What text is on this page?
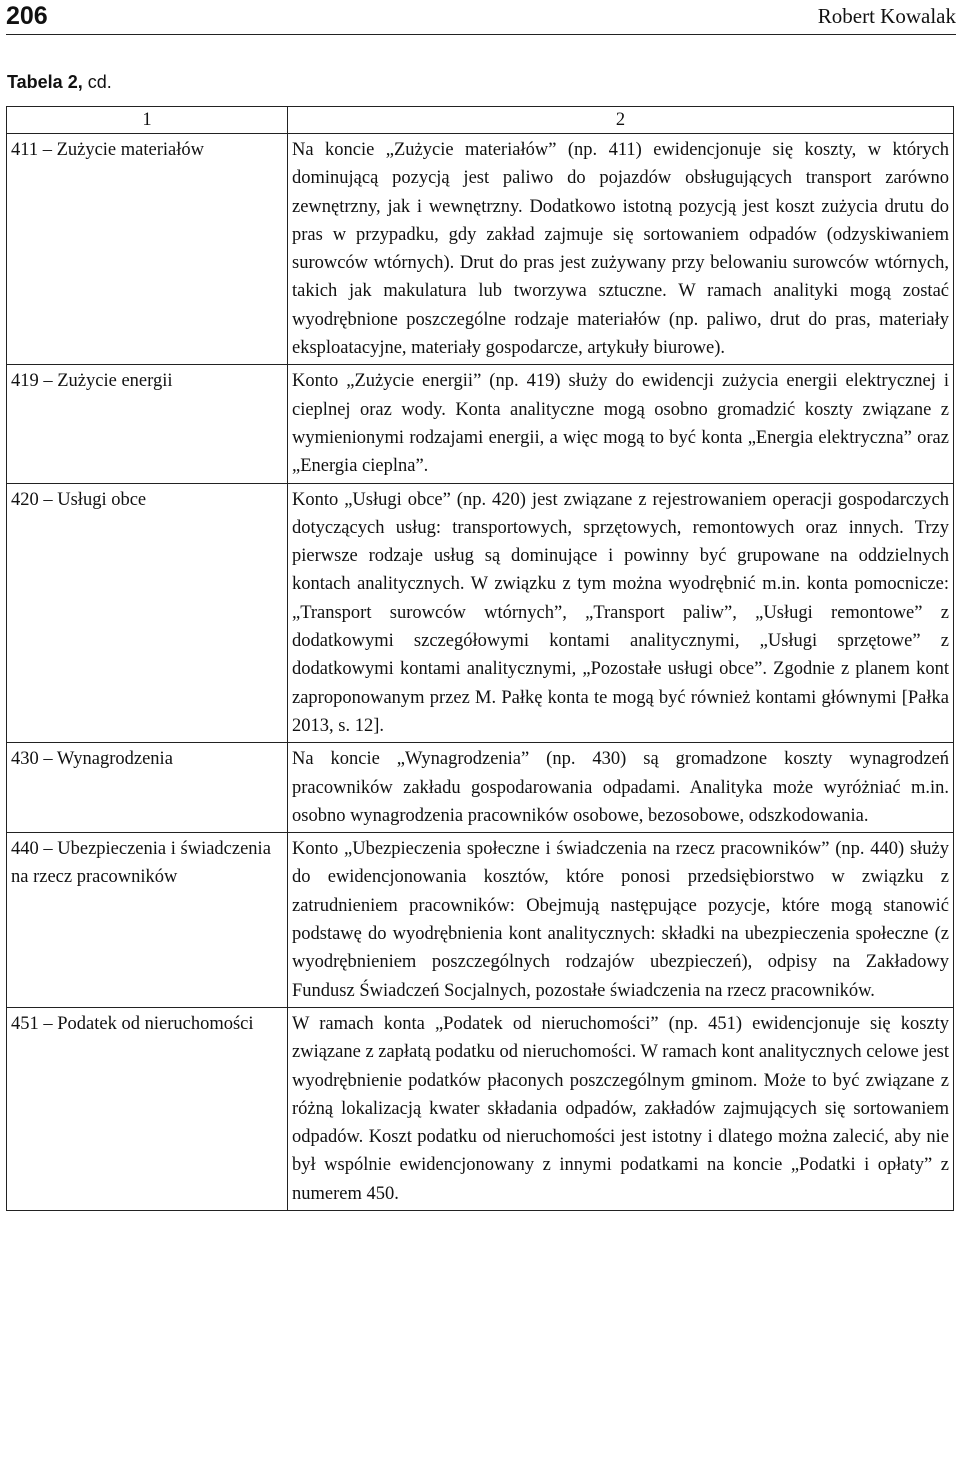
206	Robert Kowalak
Tabela 2, cd.
1	2
411 – Zużycie materiałów	Na koncie „Zużycie materiałów” (np. 411) ewidencjonuje się koszty, w których dominującą pozycją jest paliwo do pojazdów obsługujących transport zarówno zewnętrzny, jak i wewnętrzny. Dodatkowo istotną pozycją jest koszt zużycia drutu do pras w przypadku, gdy zakład zajmuje się sortowaniem odpadów (odzyskiwaniem surowców wtórnych). Drut do pras jest zużywany przy belowaniu surowców wtórnych, takich jak makulatura lub tworzywa sztuczne. W ramach analityki mogą zostać wyodrębnione poszczególne rodzaje materiałów (np. paliwo, drut do pras, materiały eksploatacyjne, materiały gospodarcze, artykuły biurowe).
419 – Zużycie energii	Konto „Zużycie energii” (np. 419) służy do ewidencji zużycia energii elektrycznej i cieplnej oraz wody. Konta analityczne mogą osobno gromadzić koszty związane z wymienionymi rodzajami energii, a więc mogą to być konta „Energia elektryczna” oraz „Energia cieplna”.
420 – Usługi obce	Konto „Usługi obce” (np. 420) jest związane z rejestrowaniem operacji gospodarczych dotyczących usług: transportowych, sprzętowych, remontowych oraz innych. Trzy pierwsze rodzaje usług są dominujące i powinny być grupowane na oddzielnych kontach analitycznych. W związku z tym można wyodrębnić m.in. konta pomocnicze: „Transport surowców wtórnych”, „Transport paliw”, „Usługi remontowe” z dodatkowymi szczegółowymi kontami analitycznymi, „Usługi sprzętowe” z dodatkowymi kontami analitycznymi, „Pozostałe usługi obce”. Zgodnie z planem kont zaproponowanym przez M. Pałkę konta te mogą być również kontami głównymi [Pałka 2013, s. 12].
430 – Wynagrodzenia	Na koncie „Wynagrodzenia” (np. 430) są gromadzone koszty wynagrodzeń pracowników zakładu gospodarowania odpadami. Analityka może wyróżniać m.in. osobno wynagrodzenia pracowników osobowe, bezosobowe, odszkodowania.
440 – Ubezpieczenia i świadczenia na rzecz pracowników	Konto „Ubezpieczenia społeczne i świadczenia na rzecz pracowników” (np. 440) służy do ewidencjonowania kosztów, które ponosi przedsiębiorstwo w związku z zatrudnieniem pracowników: Obejmują następujące pozycje, które mogą stanowić podstawę do wyodrębnienia kont analitycznych: składki na ubezpieczenia społeczne (z wyodrębnieniem poszczególnych rodzajów ubezpieczeń), odpisy na Zakładowy Fundusz Świadczeń Socjalnych, pozostałe świadczenia na rzecz pracowników.
451 – Podatek od nieruchomości	W ramach konta „Podatek od nieruchomości” (np. 451) ewidencjonuje się koszty związane z zapłatą podatku od nieruchomości. W ramach kont analitycznych celowe jest wyodrębnienie podatków płaconych poszczególnym gminom. Może to być związane z różną lokalizacją kwater składania odpadów, zakładów zajmujących się sortowaniem odpadów. Koszt podatku od nieruchomości jest istotny i dlatego można zalecić, aby nie był wspólnie ewidencjonowany z innymi podatkami na koncie „Podatki i opłaty” z numerem 450.
